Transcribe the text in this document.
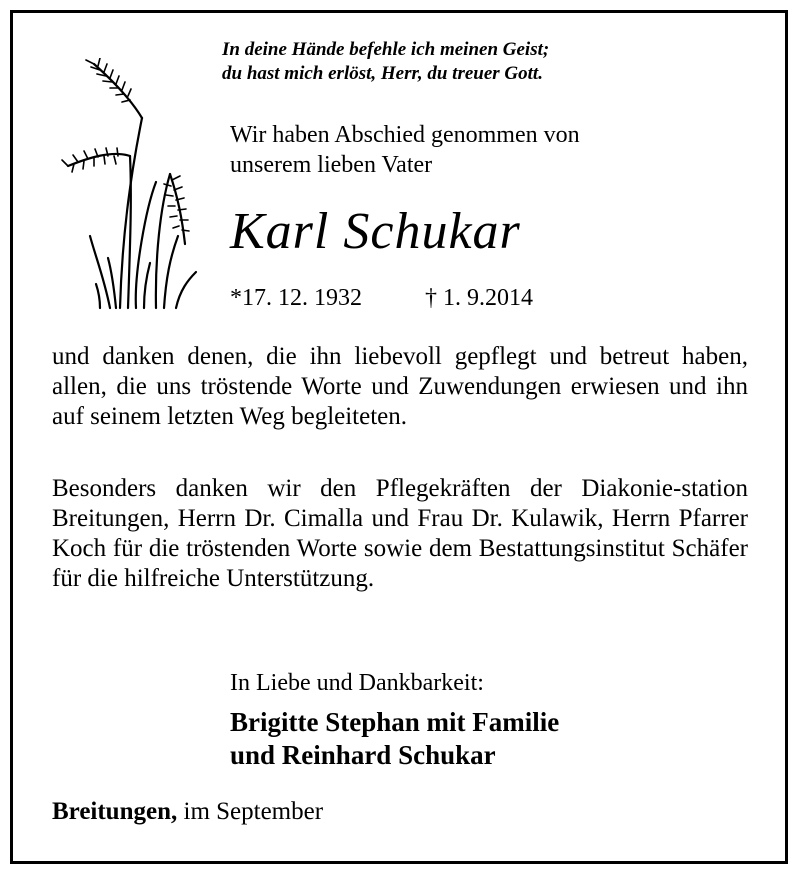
In deine Hände befehle ich meinen Geist;
du hast mich erlöst, Herr, du treuer Gott.
Wir haben Abschied genommen von
unserem lieben Vater
Karl Schukar
*17. 12. 1932	† 1. 9.2014
und danken denen, die ihn liebevoll gepflegt und betreut haben, allen, die uns tröstende Worte und Zuwendungen erwiesen und ihn auf seinem letzten Weg begleiteten.
Besonders danken wir den Pflegekräften der Diakonie-station Breitungen, Herrn Dr. Cimalla und Frau Dr. Kulawik, Herrn Pfarrer Koch für die tröstenden Worte sowie dem Bestattungsinstitut Schäfer für die hilfreiche Unterstützung.
In Liebe und Dankbarkeit:
Brigitte Stephan mit Familie
und Reinhard Schukar
Breitungen, im September
